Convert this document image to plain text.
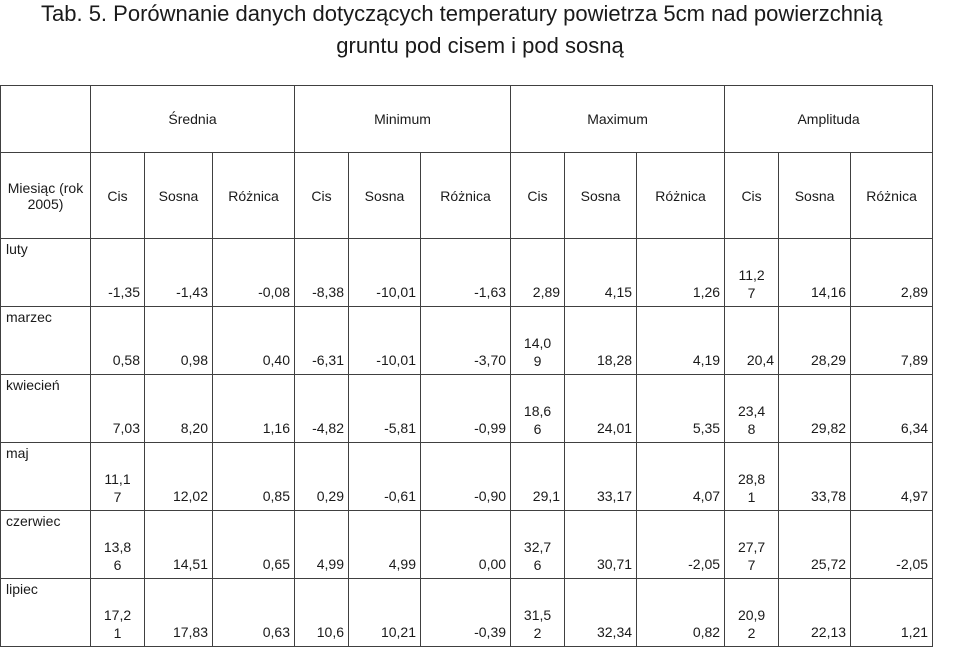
Tab. 5. Porównanie danych dotyczących temperatury powietrza 5cm nad powierzchnią
gruntu pod cisem i pod sosną
	Średnia			Minimum			Maximum			Amplituda		
Miesiąc (rok 2005)	Cis	Sosna	Różnica	Cis	Sosna	Różnica	Cis	Sosna	Różnica	Cis	Sosna	Różnica
luty	-1,35	-1,43	-0,08	-8,38	-10,01	-1,63	2,89	4,15	1,26	11,27	14,16	2,89
marzec	0,58	0,98	0,40	-6,31	-10,01	-3,70	14,09	18,28	4,19	20,4	28,29	7,89
kwiecień	7,03	8,20	1,16	-4,82	-5,81	-0,99	18,66	24,01	5,35	23,48	29,82	6,34
maj	11,17	12,02	0,85	0,29	-0,61	-0,90	29,1	33,17	4,07	28,81	33,78	4,97
czerwiec	13,86	14,51	0,65	4,99	4,99	0,00	32,76	30,71	-2,05	27,77	25,72	-2,05
lipiec	17,21	17,83	0,63	10,6	10,21	-0,39	31,52	32,34	0,82	20,92	22,13	1,21
